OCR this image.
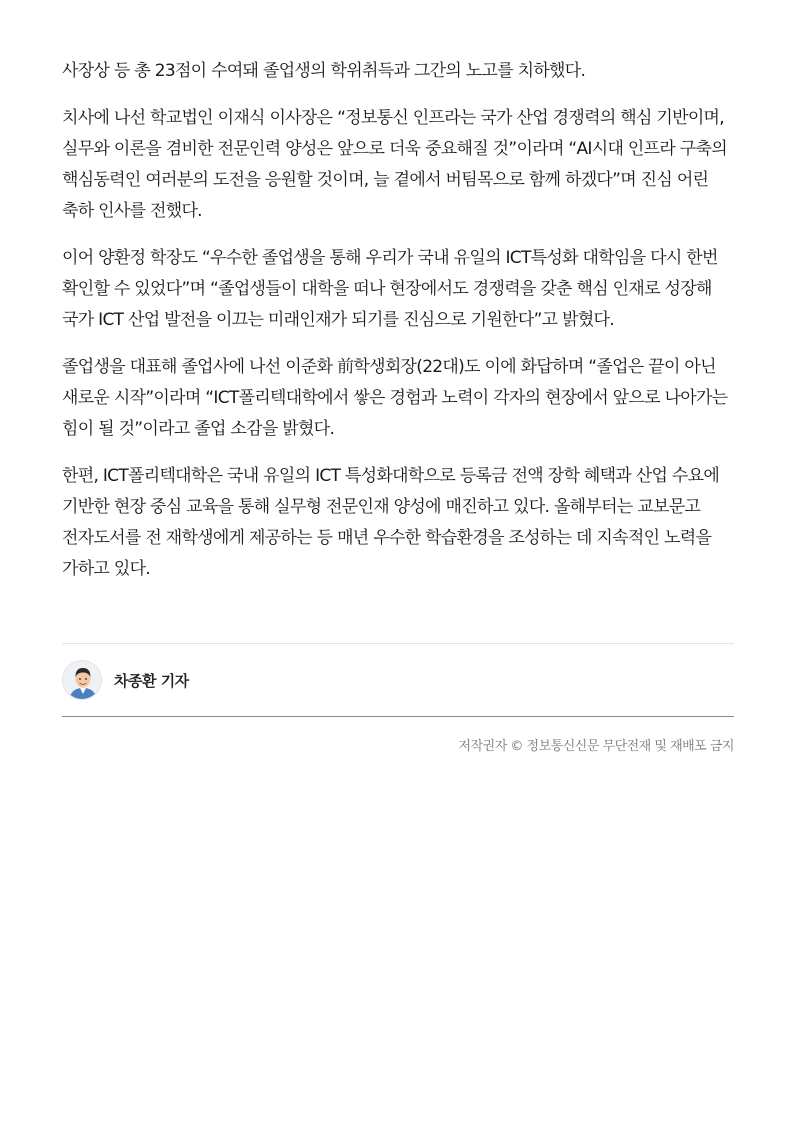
사장상 등 총 23점이 수여돼 졸업생의 학위취득과 그간의 노고를 치하했다.

치사에 나선 학교법인 이재식 이사장은 “정보통신 인프라는 국가 산업 경쟁력의 핵심 기반이며, 실무와 이론을 겸비한 전문인력 양성은 앞으로 더욱 중요해질 것”이라며 “AI시대 인프라 구축의 핵심동력인 여러분의 도전을 응원할 것이며, 늘 곁에서 버팀목으로 함께 하겠다”며 진심 어린 축하 인사를 전했다.

이어 양환정 학장도 “우수한 졸업생을 통해 우리가 국내 유일의 ICT특성화 대학임을 다시 한번 확인할 수 있었다”며 “졸업생들이 대학을 떠나 현장에서도 경쟁력을 갖춘 핵심 인재로 성장해 국가 ICT 산업 발전을 이끄는 미래인재가 되기를 진심으로 기원한다”고 밝혔다.

졸업생을 대표해 졸업사에 나선 이준화 前학생회장(22대)도 이에 화답하며 “졸업은 끝이 아닌 새로운 시작”이라며 “ICT폴리텍대학에서 쌓은 경험과 노력이 각자의 현장에서 앞으로 나아가는 힘이 될 것”이라고 졸업 소감을 밝혔다.

한편, ICT폴리텍대학은 국내 유일의 ICT 특성화대학으로 등록금 전액 장학 혜택과 산업 수요에 기반한 현장 중심 교육을 통해 실무형 전문인재 양성에 매진하고 있다. 올해부터는 교보문고 전자도서를 전 재학생에게 제공하는 등 매년 우수한 학습환경을 조성하는 데 지속적인 노력을 가하고 있다.

차종환 기자
저작권자 © 정보통신신문 무단전재 및 재배포 금지
